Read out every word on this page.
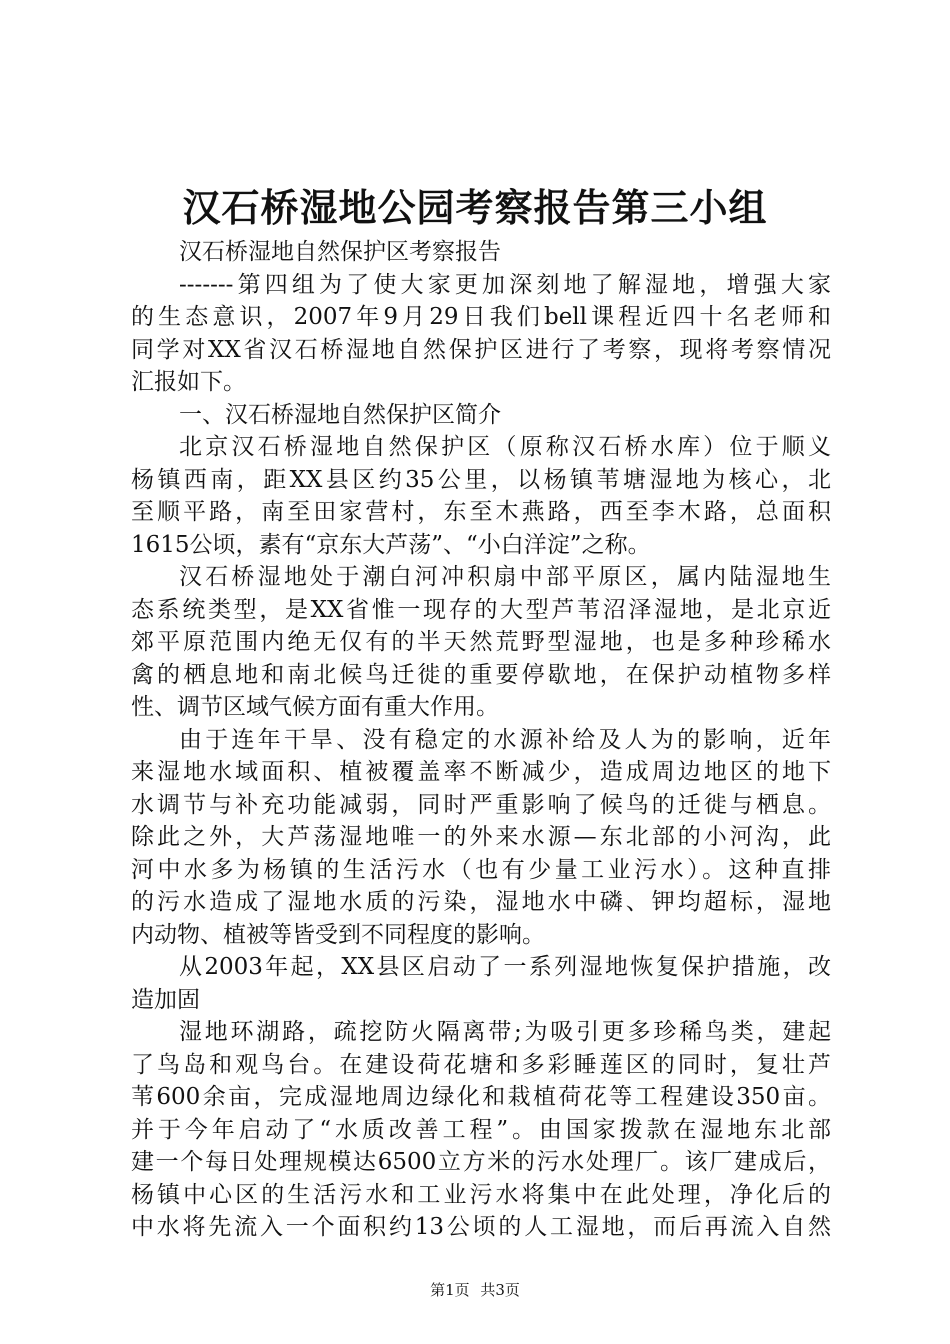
汉石桥湿地公园考察报告第三小组
汉石桥湿地自然保护区考察报告
-------第四组为了使大家更加深刻地了解湿地，增强大家
的生态意识，2007年9月29日我们bell课程近四十名老师和
同学对XX省汉石桥湿地自然保护区进行了考察，现将考察情况
汇报如下。
一、汉石桥湿地自然保护区简介
北京汉石桥湿地自然保护区（原称汉石桥水库）位于顺义
杨镇西南，距XX县区约35公里，以杨镇苇塘湿地为核心，北
至顺平路，南至田家营村，东至木燕路，西至李木路，总面积
1615公顷，素有“京东大芦荡”、“小白洋淀”之称。
汉石桥湿地处于潮白河冲积扇中部平原区，属内陆湿地生
态系统类型，是XX省惟一现存的大型芦苇沼泽湿地，是北京近
郊平原范围内绝无仅有的半天然荒野型湿地，也是多种珍稀水
禽的栖息地和南北候鸟迁徙的重要停歇地，在保护动植物多样
性、调节区域气候方面有重大作用。
由于连年干旱、没有稳定的水源补给及人为的影响，近年
来湿地水域面积、植被覆盖率不断减少，造成周边地区的地下
水调节与补充功能减弱，同时严重影响了候鸟的迁徙与栖息。
除此之外，大芦荡湿地唯一的外来水源—东北部的小河沟，此
河中水多为杨镇的生活污水（也有少量工业污水）。这种直排
的污水造成了湿地水质的污染，湿地水中磷、钾均超标，湿地
内动物、植被等皆受到不同程度的影响。
从2003年起，XX县区启动了一系列湿地恢复保护措施，改
造加固
湿地环湖路，疏挖防火隔离带;为吸引更多珍稀鸟类，建起
了鸟岛和观鸟台。在建设荷花塘和多彩睡莲区的同时，复壮芦
苇600余亩，完成湿地周边绿化和栽植荷花等工程建设350亩。
并于今年启动了“水质改善工程”。由国家拨款在湿地东北部
建一个每日处理规模达6500立方米的污水处理厂。该厂建成后，
杨镇中心区的生活污水和工业污水将集中在此处理，净化后的
中水将先流入一个面积约13公顷的人工湿地，而后再流入自然
第1页 共3页
